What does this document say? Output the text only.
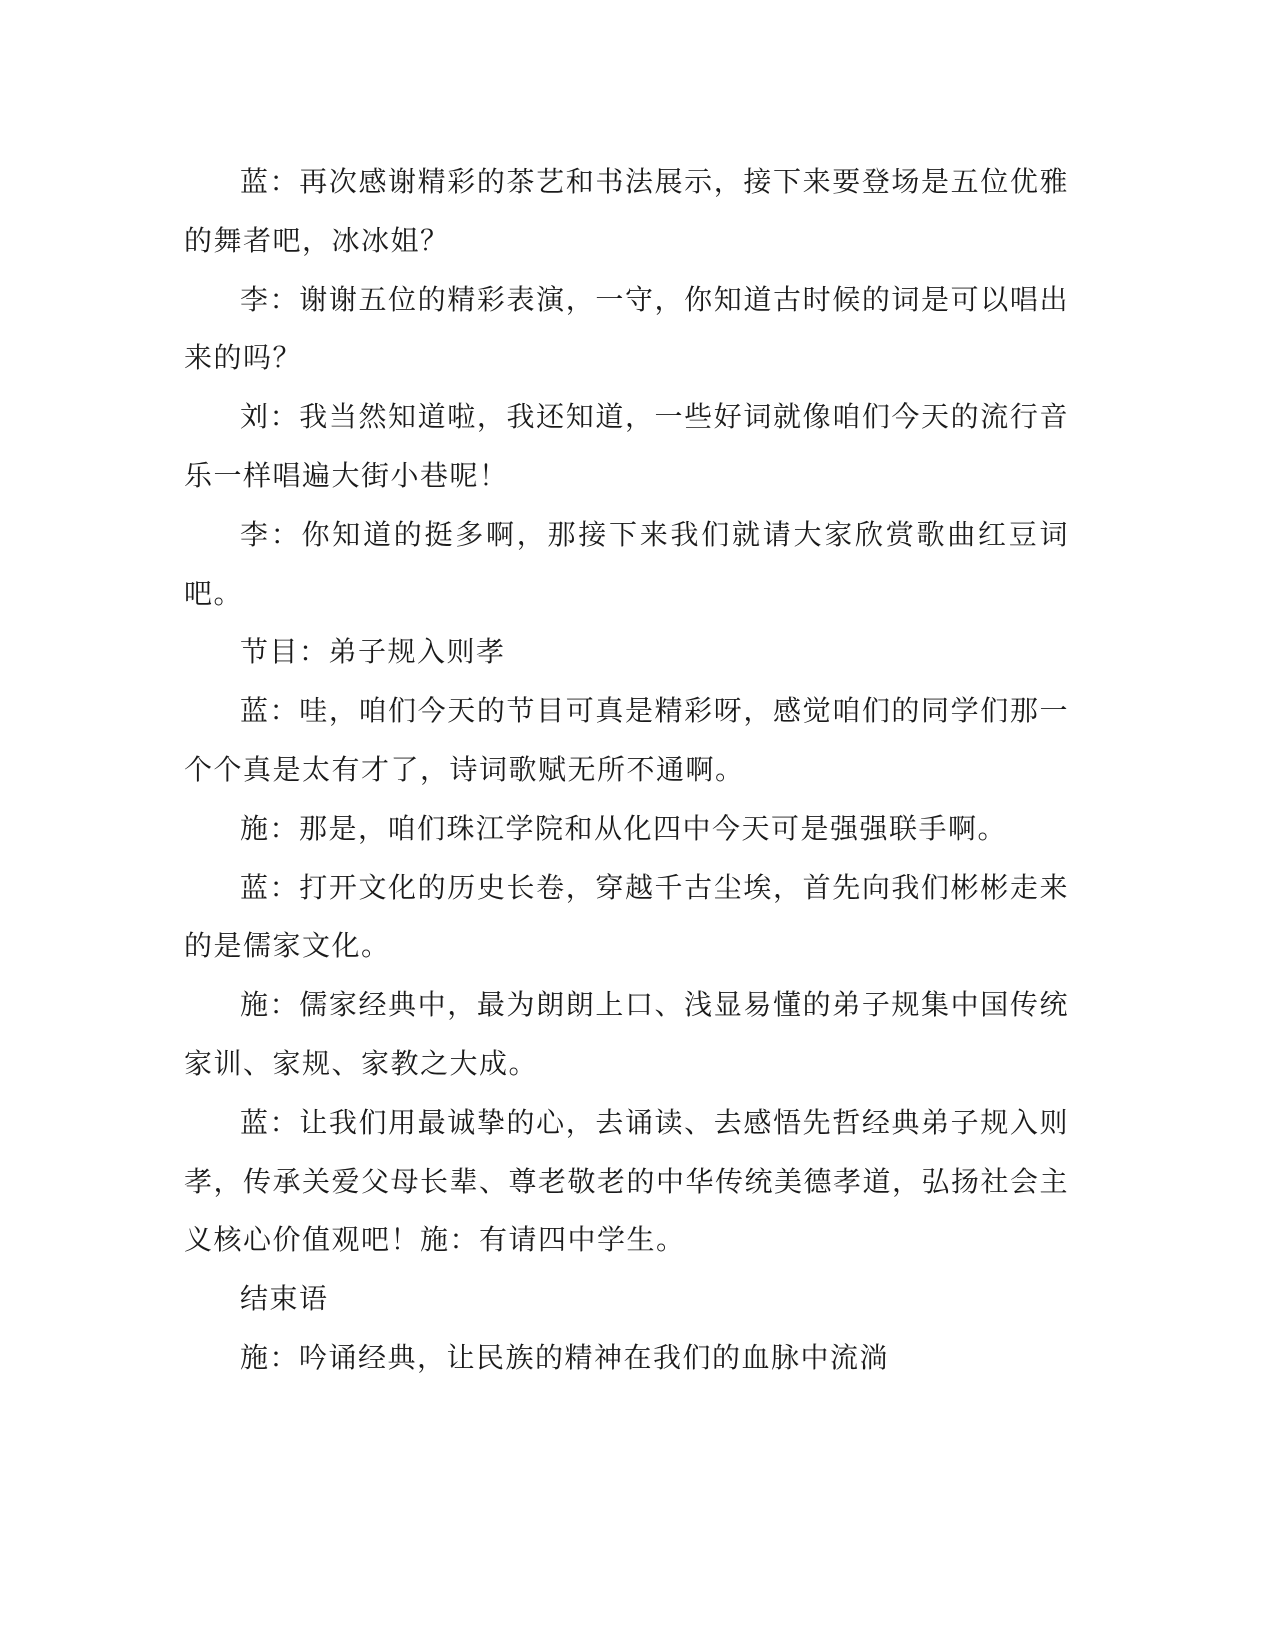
蓝：再次感谢精彩的茶艺和书法展示，接下来要登场是五位优雅的舞者吧，冰冰姐？

李：谢谢五位的精彩表演，一守，你知道古时候的词是可以唱出来的吗？

刘：我当然知道啦，我还知道，一些好词就像咱们今天的流行音乐一样唱遍大街小巷呢！

李：你知道的挺多啊，那接下来我们就请大家欣赏歌曲红豆词吧。

节目：弟子规入则孝

蓝：哇，咱们今天的节目可真是精彩呀，感觉咱们的同学们那一个个真是太有才了，诗词歌赋无所不通啊。

施：那是，咱们珠江学院和从化四中今天可是强强联手啊。

蓝：打开文化的历史长卷，穿越千古尘埃，首先向我们彬彬走来的是儒家文化。

施：儒家经典中，最为朗朗上口、浅显易懂的弟子规集中国传统家训、家规、家教之大成。

蓝：让我们用最诚挚的心，去诵读、去感悟先哲经典弟子规入则孝，传承关爱父母长辈、尊老敬老的中华传统美德孝道，弘扬社会主义核心价值观吧！施：有请四中学生。

结束语

施：吟诵经典，让民族的精神在我们的血脉中流淌
